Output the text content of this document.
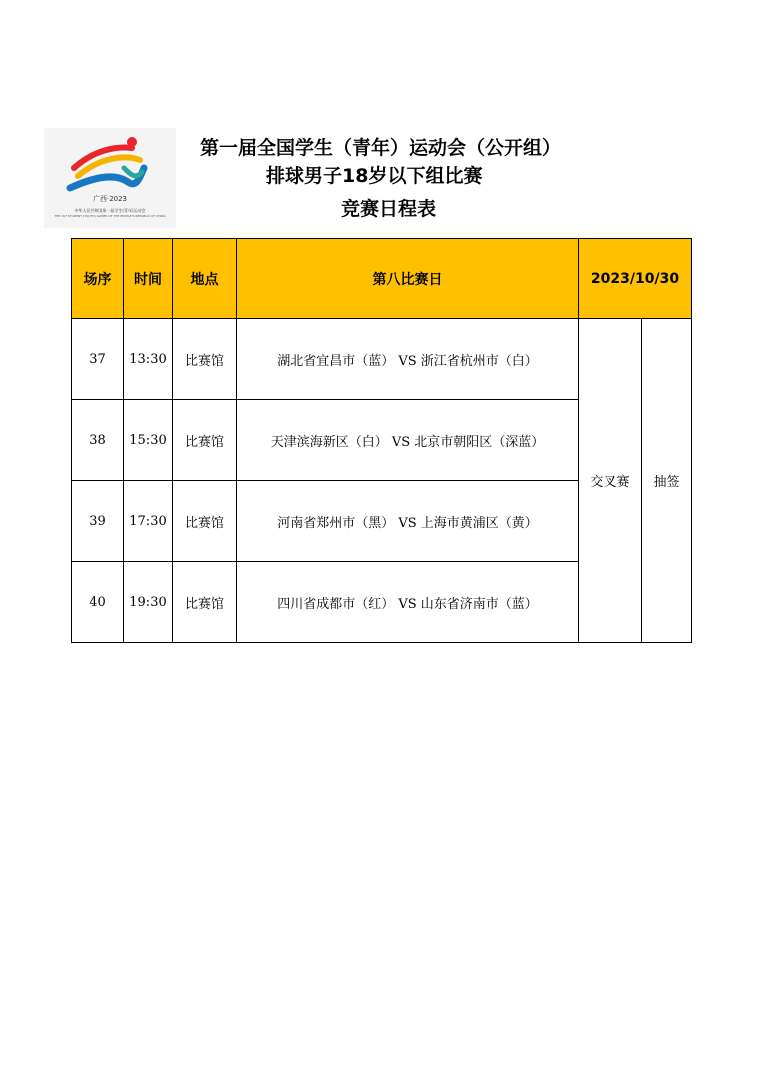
广西·2023
中华人民共和国第一届学生(青年)运动会
THE 1ST STUDENT (YOUTH) GAMES OF THE PEOPLE'S REPUBLIC OF CHINA
第一届全国学生（青年）运动会（公开组）
排球男子18岁以下组比赛
竞赛日程表
场序	时间	地点	第八比赛日	2023/10/30	
37	13:30	比赛馆	湖北省宜昌市（蓝） VS 浙江省杭州市（白）	交叉赛	抽签
38	15:30	比赛馆	天津滨海新区（白） VS 北京市朝阳区（深蓝）		
39	17:30	比赛馆	河南省郑州市（黑） VS 上海市黄浦区（黄）		
40	19:30	比赛馆	四川省成都市（红） VS 山东省济南市（蓝）		
